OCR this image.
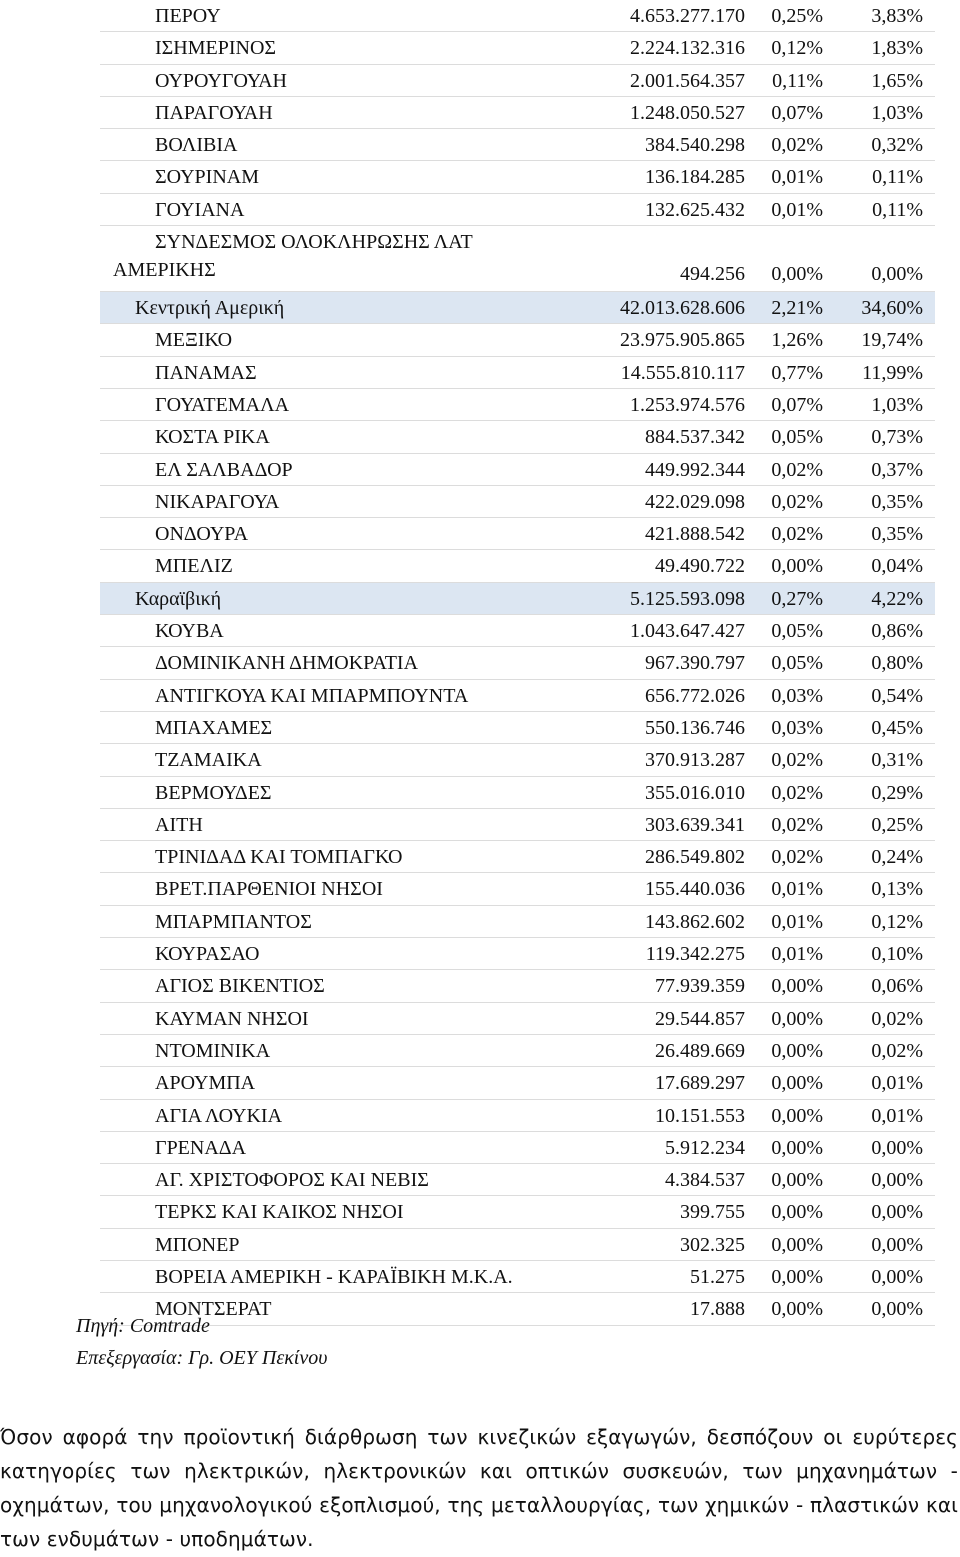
ΠΕΡΟΥ	4.653.277.170 0,25% 3,83%
ΙΣΗΜΕΡΙΝΟΣ	2.224.132.316 0,12% 1,83%
ΟΥΡΟΥΓΟΥΑΗ	2.001.564.357 0,11% 1,65%
ΠΑΡΑΓΟΥΑΗ	1.248.050.527 0,07% 1,03%
ΒΟΛΙΒΙΑ	384.540.298 0,02% 0,32%
ΣΟΥΡΙΝΑΜ	136.184.285 0,01% 0,11%
ΓΟΥΙΑΝΑ	132.625.432 0,01% 0,11%
ΣΥΝΔΕΣΜΟΣ ΟΛΟΚΛΗΡΩΣΗΣ ΛΑΤ
ΑΜΕΡΙΚΗΣ	494.256 0,00% 0,00%
Κεντρική Αμερική	42.013.628.606 2,21% 34,60%
ΜΕΞΙΚΟ	23.975.905.865 1,26% 19,74%
ΠΑΝΑΜΑΣ	14.555.810.117 0,77% 11,99%
ΓΟΥΑΤΕΜΑΛΑ	1.253.974.576 0,07% 1,03%
ΚΟΣΤΑ ΡΙΚΑ	884.537.342 0,05% 0,73%
ΕΛ ΣΑΛΒΑΔΟΡ	449.992.344 0,02% 0,37%
ΝΙΚΑΡΑΓΟΥΑ	422.029.098 0,02% 0,35%
ΟΝΔΟΥΡΑ	421.888.542 0,02% 0,35%
ΜΠΕΛΙΖ	49.490.722 0,00% 0,04%
Καραϊβική	5.125.593.098 0,27% 4,22%
ΚΟΥΒΑ	1.043.647.427 0,05% 0,86%
ΔΟΜΙΝΙΚΑΝΗ ΔΗΜΟΚΡΑΤΙΑ	967.390.797 0,05% 0,80%
ΑΝΤΙΓΚΟΥΑ ΚΑΙ ΜΠΑΡΜΠΟΥΝΤΑ	656.772.026 0,03% 0,54%
ΜΠΑΧΑΜΕΣ	550.136.746 0,03% 0,45%
ΤΖΑΜΑΙΚΑ	370.913.287 0,02% 0,31%
ΒΕΡΜΟΥΔΕΣ	355.016.010 0,02% 0,29%
ΑΙΤΗ	303.639.341 0,02% 0,25%
ΤΡΙΝΙΔΑΔ ΚΑΙ ΤΟΜΠΑΓΚΟ	286.549.802 0,02% 0,24%
ΒΡΕΤ.ΠΑΡΘΕΝΙΟΙ ΝΗΣΟΙ	155.440.036 0,01% 0,13%
ΜΠΑΡΜΠΑΝΤΟΣ	143.862.602 0,01% 0,12%
ΚΟΥΡΑΣΑΟ	119.342.275 0,01% 0,10%
ΑΓΙΟΣ ΒΙΚΕΝΤΙΟΣ	77.939.359 0,00% 0,06%
ΚΑΥΜΑΝ ΝΗΣΟΙ	29.544.857 0,00% 0,02%
ΝΤΟΜΙΝΙΚΑ	26.489.669 0,00% 0,02%
ΑΡΟΥΜΠΑ	17.689.297 0,00% 0,01%
ΑΓΙΑ ΛΟΥΚΙΑ	10.151.553 0,00% 0,01%
ΓΡΕΝΑΔΑ	5.912.234 0,00% 0,00%
ΑΓ. ΧΡΙΣΤΟΦΟΡΟΣ ΚΑΙ ΝΕΒΙΣ	4.384.537 0,00% 0,00%
ΤΕΡΚΣ ΚΑΙ ΚΑΙΚΟΣ ΝΗΣΟΙ	399.755 0,00% 0,00%
ΜΠΟΝΕΡ	302.325 0,00% 0,00%
ΒΟΡΕΙΑ ΑΜΕΡΙΚΗ - ΚΑΡΑΪΒΙΚΗ Μ.Κ.Α.	51.275 0,00% 0,00%
ΜΟΝΤΣΕΡΑΤ	17.888 0,00% 0,00%
Πηγή: Comtrade
Επεξεργασία: Γρ. ΟΕΥ Πεκίνου
Όσον αφορά την προϊοντική διάρθρωση των κινεζικών εξαγωγών, δεσπόζουν οι ευρύτερες κατηγορίες των ηλεκτρικών, ηλεκτρονικών και οπτικών συσκευών, των μηχανημάτων - οχημάτων, του μηχανολογικού εξοπλισμού, της μεταλλουργίας, των χημικών - πλαστικών και των ενδυμάτων - υποδημάτων.
